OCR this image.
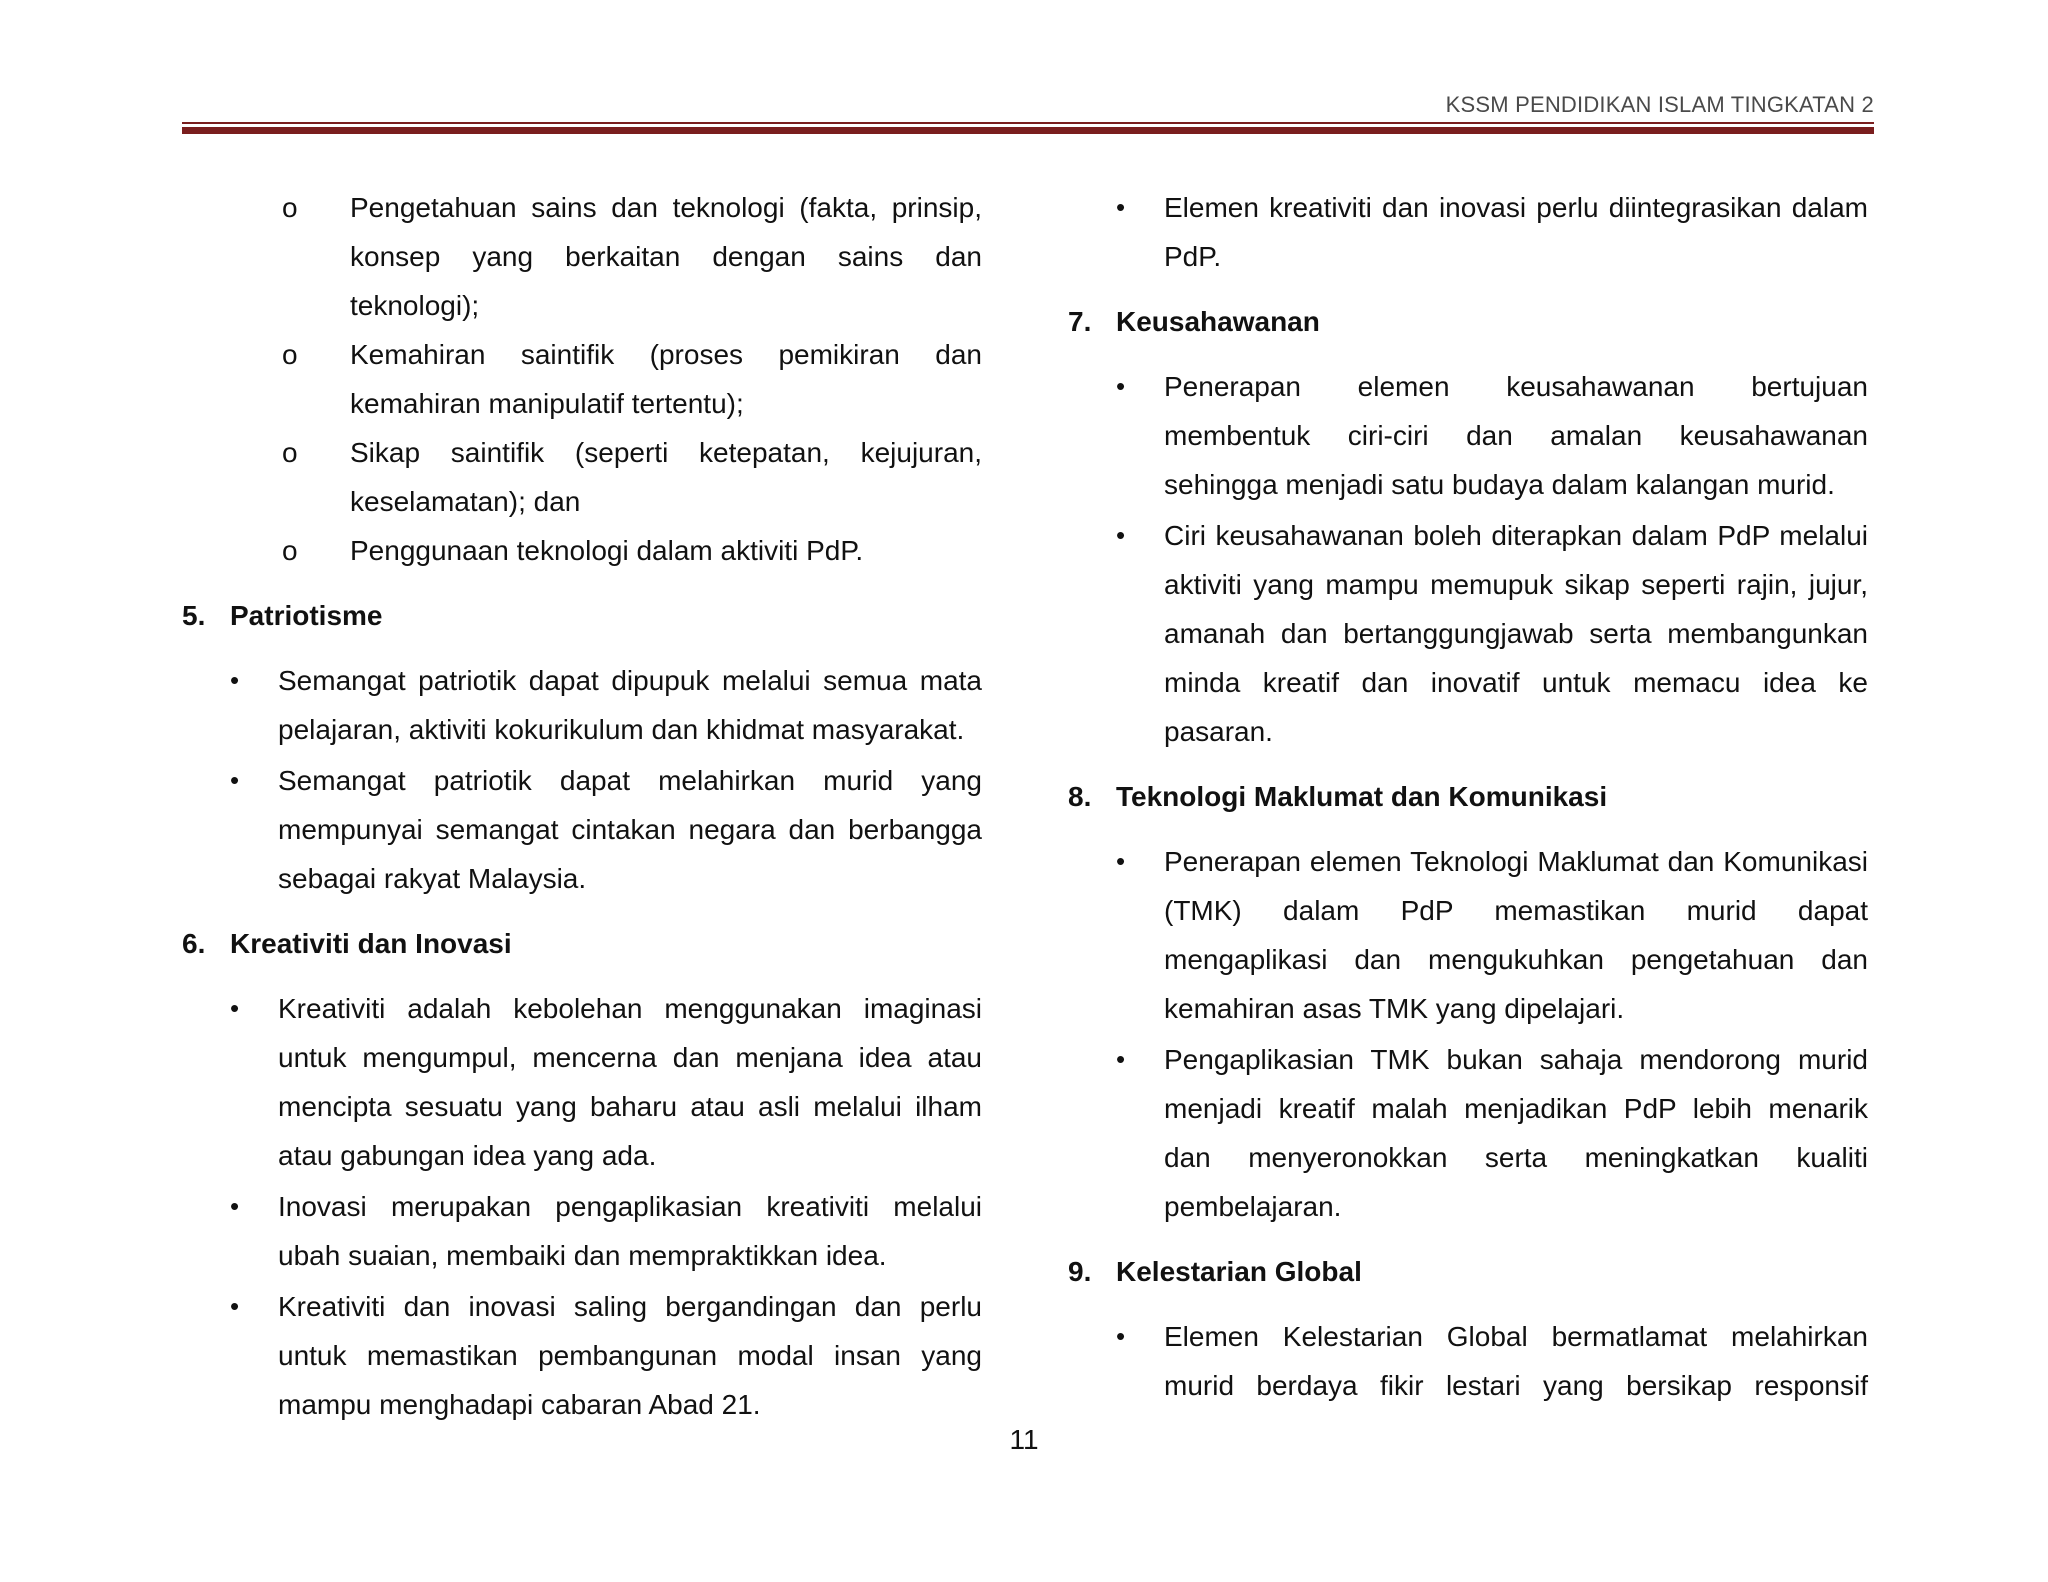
KSSM PENDIDIKAN ISLAM TINGKATAN 2
o	Pengetahuan sains dan teknologi (fakta, prinsip, konsep yang berkaitan dengan sains dan teknologi);
o	Kemahiran saintifik (proses pemikiran dan kemahiran manipulatif tertentu);
o	Sikap saintifik (seperti ketepatan, kejujuran, keselamatan); dan
o	Penggunaan teknologi dalam aktiviti PdP.
5. Patriotisme
•	Semangat patriotik dapat dipupuk melalui semua mata pelajaran, aktiviti kokurikulum dan khidmat masyarakat.
•	Semangat patriotik dapat melahirkan murid yang mempunyai semangat cintakan negara dan berbangga sebagai rakyat Malaysia.
6. Kreativiti dan Inovasi
•	Kreativiti adalah kebolehan menggunakan imaginasi untuk mengumpul, mencerna dan menjana idea atau mencipta sesuatu yang baharu atau asli melalui ilham atau gabungan idea yang ada.
•	Inovasi merupakan pengaplikasian kreativiti melalui ubah suaian, membaiki dan mempraktikkan idea.
•	Kreativiti dan inovasi saling bergandingan dan perlu untuk memastikan pembangunan modal insan yang mampu menghadapi cabaran Abad 21.
•	Elemen kreativiti dan inovasi perlu diintegrasikan dalam PdP.
7. Keusahawanan
•	Penerapan elemen keusahawanan bertujuan membentuk ciri-ciri dan amalan keusahawanan sehingga menjadi satu budaya dalam kalangan murid.
•	Ciri keusahawanan boleh diterapkan dalam PdP melalui aktiviti yang mampu memupuk sikap seperti rajin, jujur, amanah dan bertanggungjawab serta membangunkan minda kreatif dan inovatif untuk memacu idea ke pasaran.
8. Teknologi Maklumat dan Komunikasi
•	Penerapan elemen Teknologi Maklumat dan Komunikasi (TMK) dalam PdP memastikan murid dapat mengaplikasi dan mengukuhkan pengetahuan dan kemahiran asas TMK yang dipelajari.
•	Pengaplikasian TMK bukan sahaja mendorong murid menjadi kreatif malah menjadikan PdP lebih menarik dan menyeronokkan serta meningkatkan kualiti pembelajaran.
9. Kelestarian Global
•	Elemen Kelestarian Global bermatlamat melahirkan murid berdaya fikir lestari yang bersikap responsif
11
